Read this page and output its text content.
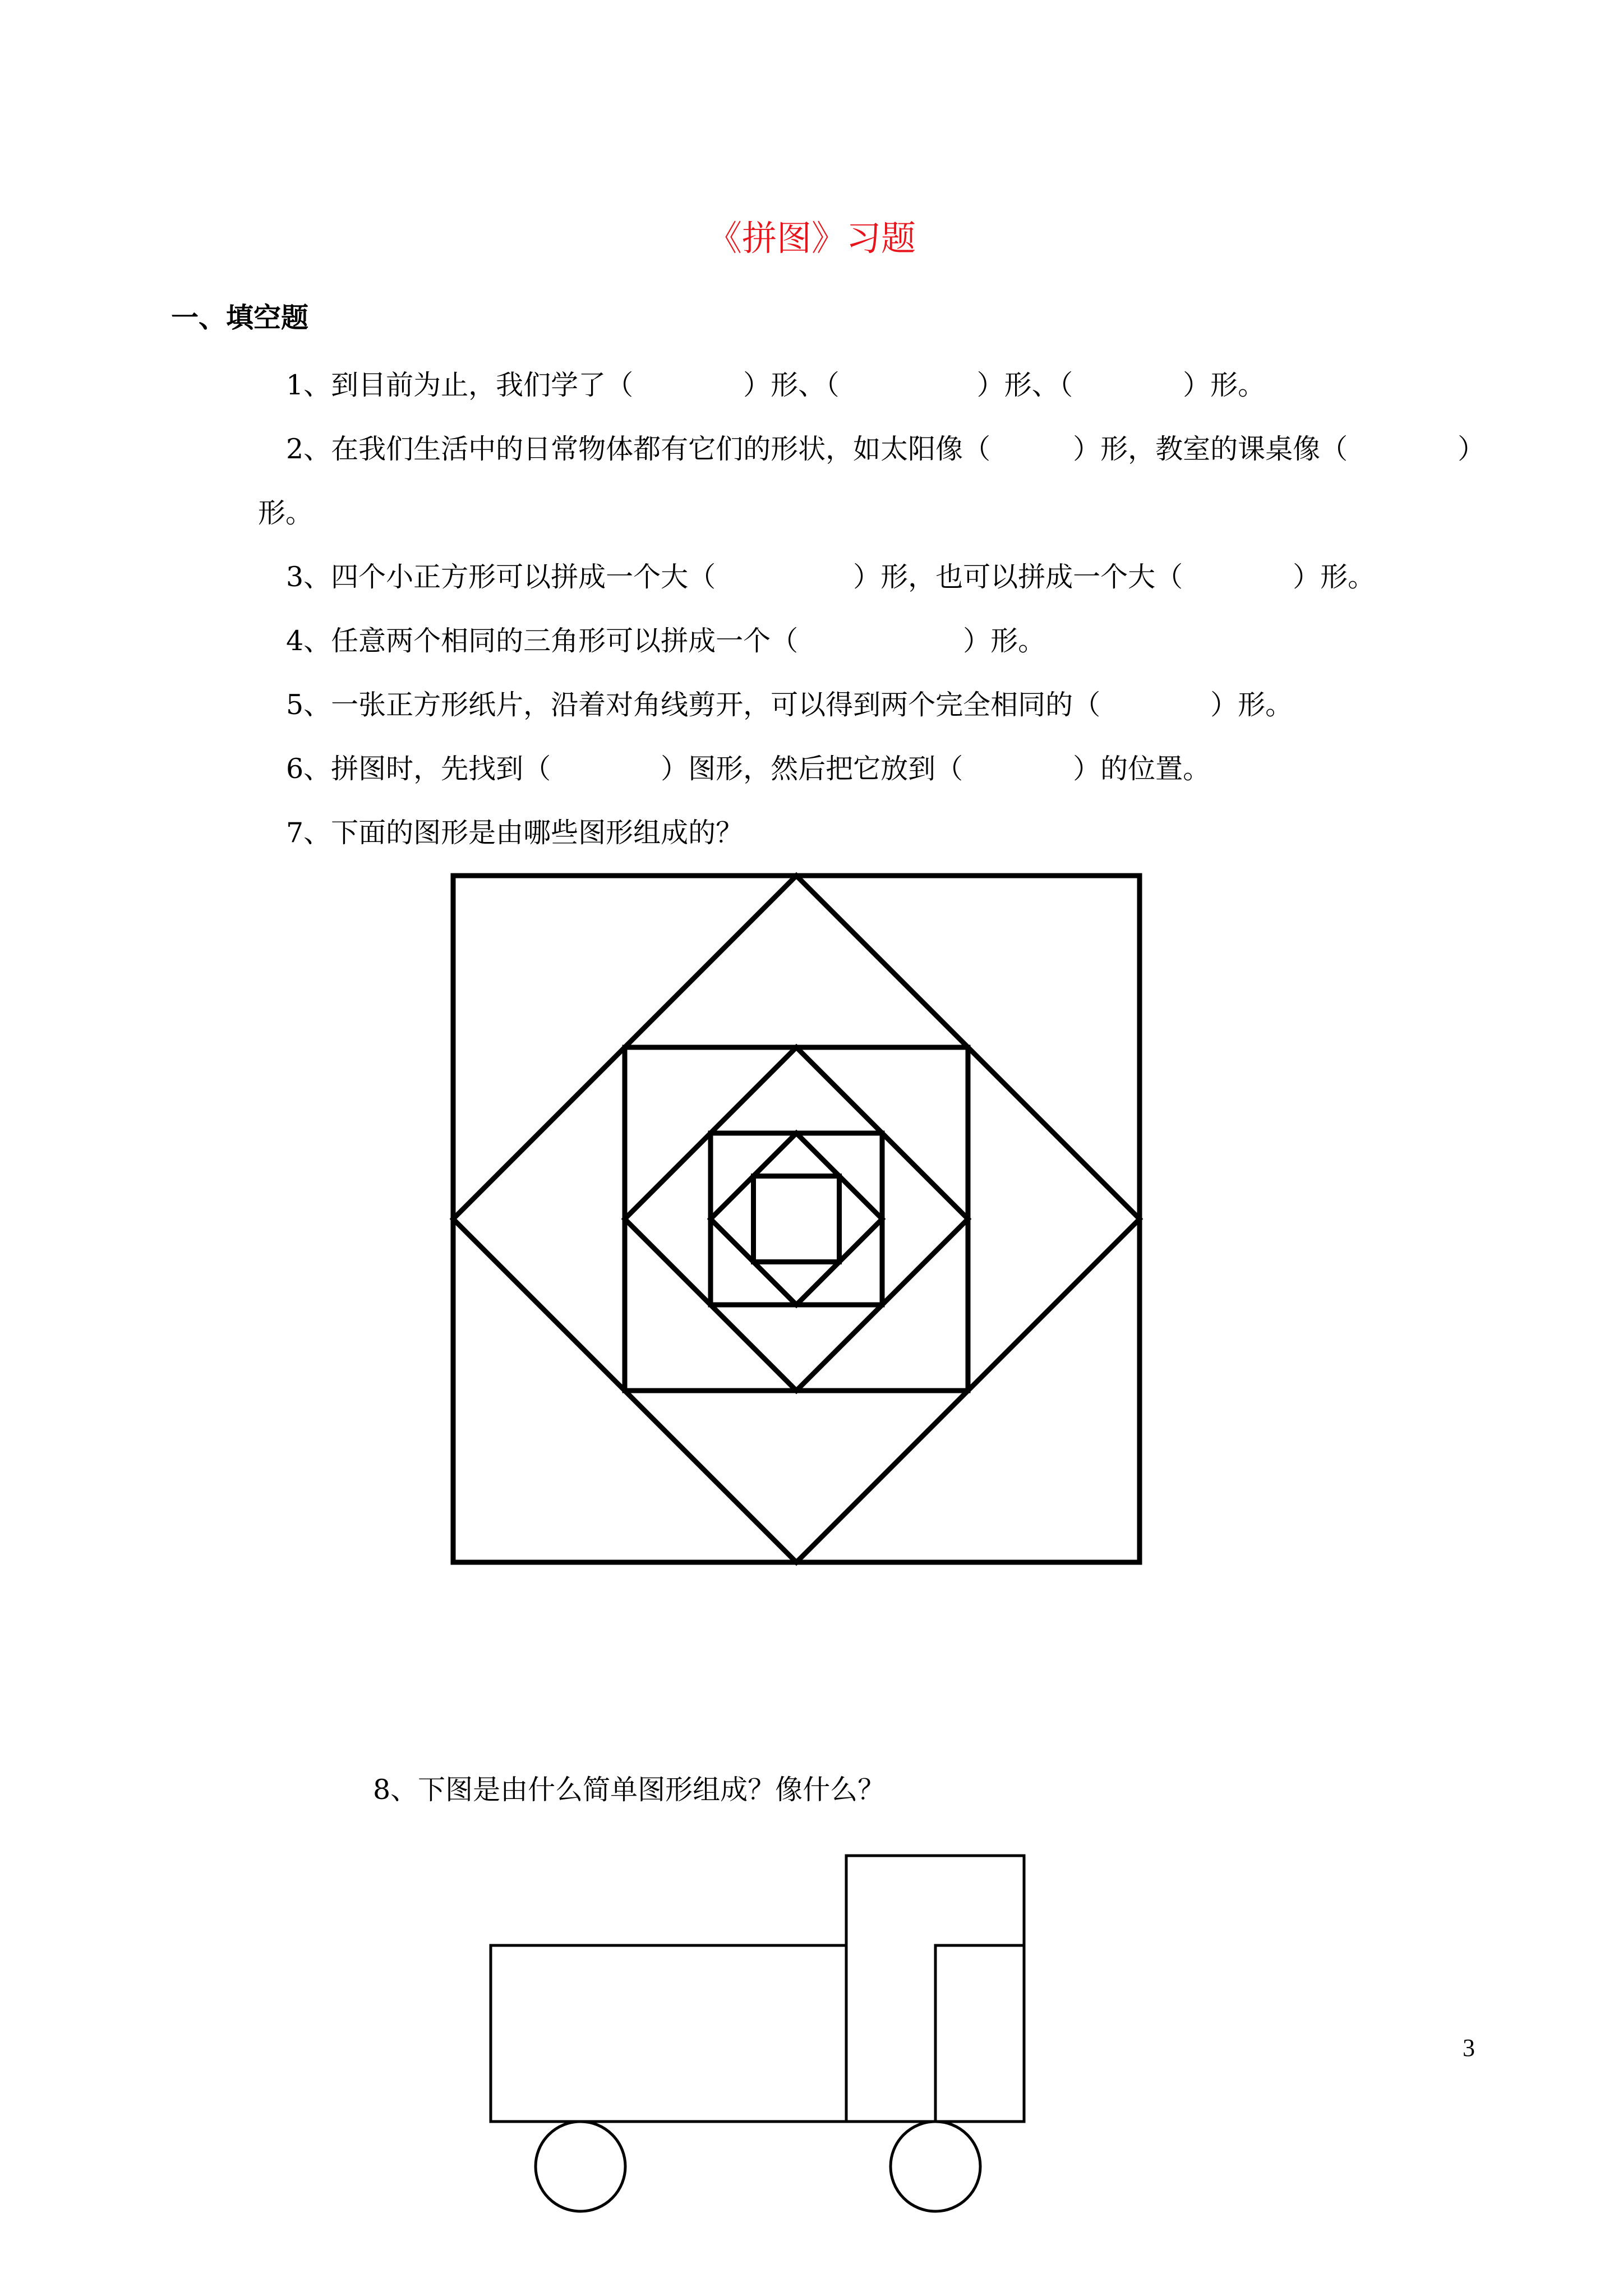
《拼图》习题
一、填空题
1、到目前为止，我们学了（　　　　）形、（　　　　　）形、（　　　　）形。
2、在我们生活中的日常物体都有它们的形状，如太阳像（　　　）形，教室的课桌像（　　　　）
形。
3、四个小正方形可以拼成一个大（　　　　　）形，也可以拼成一个大（　　　　）形。
4、任意两个相同的三角形可以拼成一个（　　　　　　）形。
5、一张正方形纸片，沿着对角线剪开，可以得到两个完全相同的（　　　　）形。
6、拼图时，先找到（　　　　）图形，然后把它放到（　　　　）的位置。
7、下面的图形是由哪些图形组成的？
8、下图是由什么简单图形组成？像什么？
3
